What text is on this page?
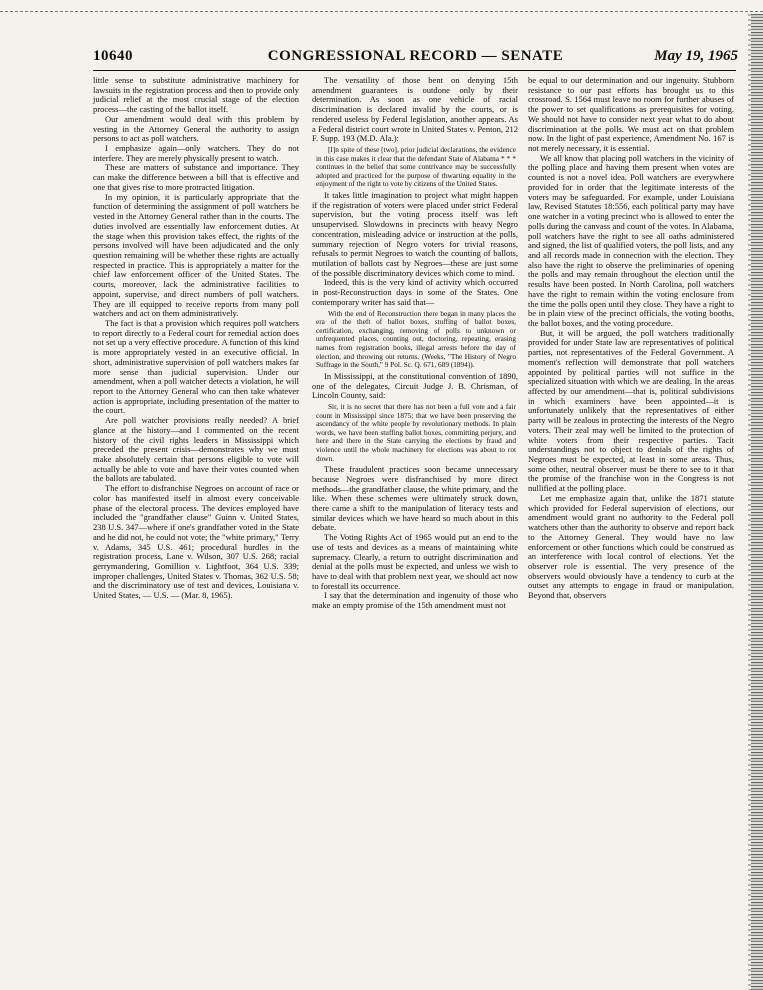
10640	CONGRESSIONAL RECORD — SENATE	May 19, 1965

little sense to substitute administrative machinery for lawsuits in the registration process and then to provide only judicial relief at the most crucial stage of the election process—the casting of the ballot itself.

Our amendment would deal with this problem by vesting in the Attorney General the authority to assign persons to act as poll watchers.

I emphasize again—only watchers. They do not interfere. They are merely physically present to watch.

These are matters of substance and importance. They can make the difference between a bill that is effective and one that gives rise to more protracted litigation.

In my opinion, it is particularly appropriate that the function of determining the assignment of poll watchers be vested in the Attorney General rather than in the courts. The duties involved are essentially law enforcement duties. At the stage when this provision takes effect, the rights of the persons involved will have been adjudicated and the only question remaining will be whether these rights are actually respected in practice. This is appropriately a matter for the chief law enforcement officer of the United States. The courts, moreover, lack the administrative facilities to appoint, supervise, and direct numbers of poll watchers. They are ill equipped to receive reports from many poll watchers and act on them administratively.

The fact is that a provision which requires poll watchers to report directly to a Federal court for remedial action does not set up a very effective procedure. A function of this kind is more appropriately vested in an executive official. In short, administrative supervision of poll watchers makes far more sense than judicial supervision. Under our amendment, when a poll watcher detects a violation, he will report to the Attorney General who can then take whatever action is appropriate, including presentation of the matter to the court.

Are poll watcher provisions really needed? A brief glance at the history—and I commented on the recent history of the civil rights leaders in Mississippi which preceded the present crisis—demonstrates why we must make absolutely certain that persons eligible to vote will actually be able to vote and have their votes counted when the ballots are tabulated.

The effort to disfranchise Negroes on account of race or color has manifested itself in almost every conceivable phase of the electoral process. The devices employed have included the "grandfather clause" Guinn v. United States, 238 U.S. 347—where if one's grandfather voted in the State and he did not, he could not vote; the "white primary," Terry v. Adams, 345 U.S. 461; procedural hurdles in the registration process, Lane v. Wilson, 307 U.S. 268; racial gerrymandering, Gomillion v. Lightfoot, 364 U.S. 339; improper challenges, United States v. Thomas, 362 U.S. 58; and the discriminatory use of test and devices, Louisiana v. United States, — U.S. — (Mar. 8, 1965).

The versatility of those bent on denying 15th amendment guarantees is outdone only by their determination. As soon as one vehicle of racial discrimination is declared invalid by the courts, or is rendered useless by Federal legislation, another appears. As a Federal district court wrote in United States v. Penton, 212 F. Supp. 193 (M.D. Ala.):

[I]n spite of these [two], prior judicial declarations, the evidence in this case makes it clear that the defendant State of Alabama * * * continues in the belief that some contrivance may be successfully adopted and practiced for the purpose of thwarting equality in the enjoyment of the right to vote by citizens of the United States.

It takes little imagination to project what might happen if the registration of voters were placed under strict Federal supervision, but the voting process itself was left unsupervised. Slowdowns in precincts with heavy Negro concentration, misleading advice or instruction at the polls, summary rejection of Negro voters for trivial reasons, refusals to permit Negroes to watch the counting of ballots, mutilation of ballots cast by Negroes—these are just some of the possible discriminatory devices which come to mind.

Indeed, this is the very kind of activity which occurred in post-Reconstruction days in some of the States. One contemporary writer has said that—

With the end of Reconstruction there began in many places the era of the theft of ballot boxes, stuffing of ballot boxes, certification, exchanging, removing of polls to unknown or unfrequented places, counting out, doctoring, repeating, erasing names from registration books, illegal arrests before the day of election, and throwing out returns. (Weeks, "The History of Negro Suffrage in the South," 9 Pol. Sc. Q. 671, 689 (1894)).

In Mississippi, at the constitutional convention of 1890, one of the delegates, Circuit Judge J. B. Chrisman, of Lincoln County, said:

Sir, it is no secret that there has not been a full vote and a fair count in Mississippi since 1875; that we have been preserving the ascendancy of the white people by revolutionary methods. In plain words, we have been stuffing ballot boxes, committing perjury, and here and there in the State carrying the elections by fraud and violence until the whole machinery for elections was about to rot down.

These fraudulent practices soon became unnecessary because Negroes were disfranchised by more direct methods—the grandfather clause, the white primary, and the like. When these schemes were ultimately struck down, there came a shift to the manipulation of literacy tests and similar devices which we have heard so much about in this debate.

The Voting Rights Act of 1965 would put an end to the use of tests and devices as a means of maintaining white supremacy. Clearly, a return to outright discrimination and denial at the polls must be expected, and unless we wish to have to deal with that problem next year, we should act now to forestall its occurrence.

I say that the determination and ingenuity of those who make an empty promise of the 15th amendment must not

be equal to our determination and our ingenuity. Stubborn resistance to our past efforts has brought us to this crossroad. S. 1564 must leave no room for further abuses of the power to set qualifications as prerequisites for voting. We should not have to consider next year what to do about discrimination at the polls. We must act on that problem now. In the light of past experience, Amendment No. 167 is not merely necessary, it is essential.

We all know that placing poll watchers in the vicinity of the polling place and having them present when votes are counted is not a novel idea. Poll watchers are everywhere provided for in order that the legitimate interests of the voters may be safeguarded. For example, under Louisiana law, Revised Statutes 18:556, each political party may have one watcher in a voting precinct who is allowed to enter the polls during the canvass and count of the votes. In Alabama, poll watchers have the right to see all oaths administered and signed, the list of qualified voters, the poll lists, and any and all records made in connection with the election. They also have the right to observe the preliminaries of opening the polls and may remain throughout the election until the results have been posted. In North Carolina, poll watchers have the right to remain within the voting enclosure from the time the polls open until they close. They have a right to be in plain view of the precinct officials, the voting booths, the ballot boxes, and the voting procedure.

But, it will be argued, the poll watchers traditionally provided for under State law are representatives of political parties, not representatives of the Federal Government. A moment's reflection will demonstrate that poll watchers appointed by political parties will not suffice in the specialized situation with which we are dealing. In the areas affected by our amendment—that is, political subdivisions in which examiners have been appointed—it is unfortunately unlikely that the representatives of either party will be zealous in protecting the interests of the Negro voters. Their zeal may well be limited to the protection of white voters from their respective parties. Tacit understandings not to object to denials of the rights of Negroes must be expected, at least in some areas. Thus, some other, neutral observer must be there to see to it that the promise of the franchise won in the Congress is not nullified at the polling place.

Let me emphasize again that, unlike the 1871 statute which provided for Federal supervision of elections, our amendment would grant no authority to the Federal poll watchers other than the authority to observe and report back to the Attorney General. They would have no law enforcement or other functions which could be construed as an interference with local control of elections. Yet the observer role is essential. The very presence of the observers would obviously have a tendency to curb at the outset any attempts to engage in fraud or manipulation. Beyond that, observers
